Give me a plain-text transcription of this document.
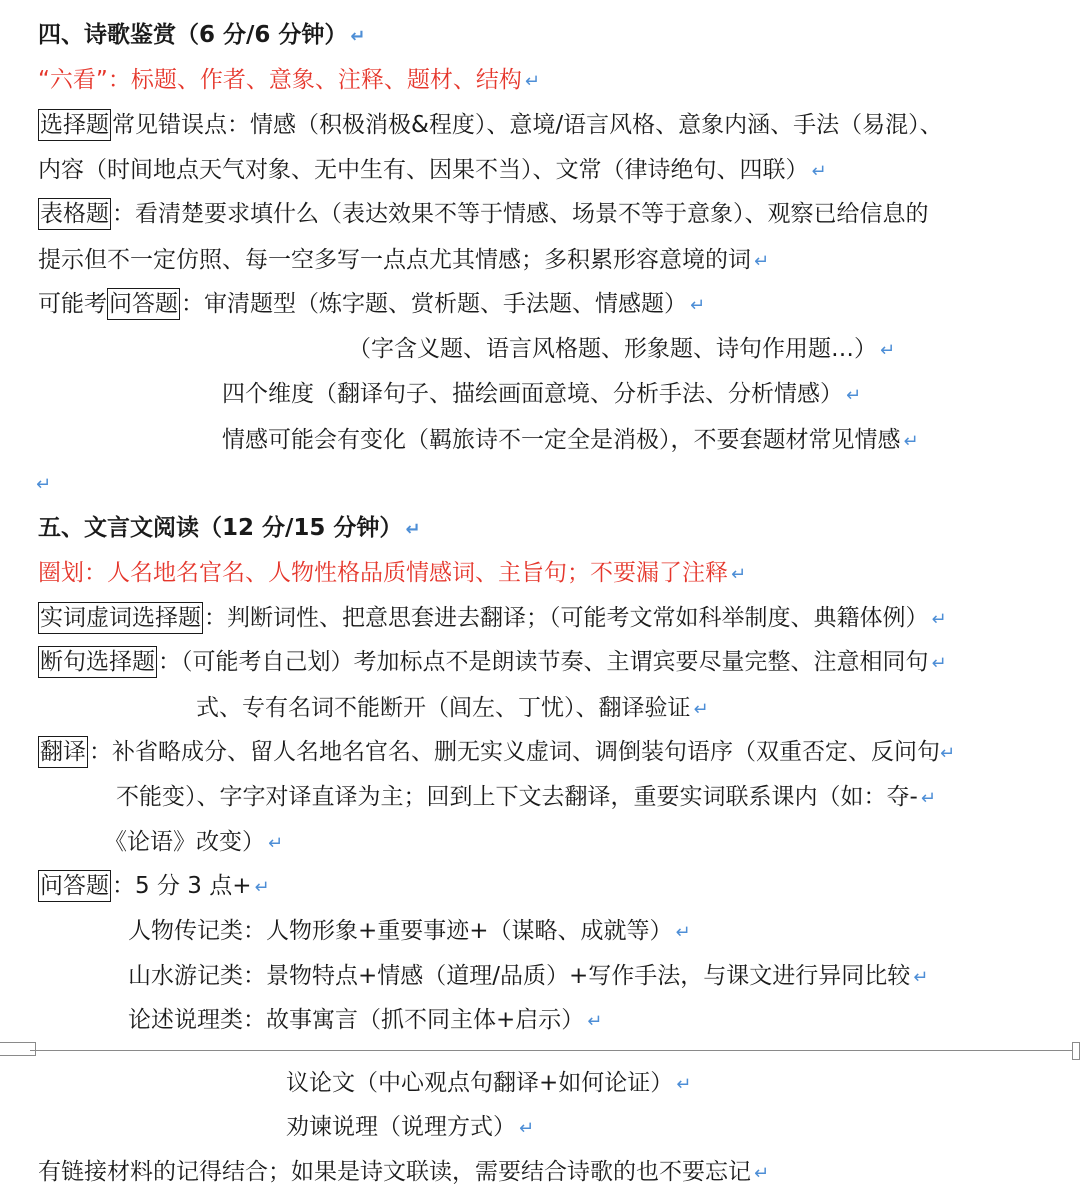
四、诗歌鉴赏（6 分/6 分钟）↵
“六看”：标题、作者、意象、注释、题材、结构↵
选择题 常见错误点：情感（积极消极&程度）、意境/语言风格、意象内涵、手法（易混）、
内容（时间地点天气对象、无中生有、因果不当）、文常（律诗绝句、四联）↵
表格题 ：看清楚要求填什么（表达效果不等于情感、场景不等于意象）、观察已给信息的
提示但不一定仿照、每一空多写一点点尤其情感；多积累形容意境的词↵
可能考问答题 ：审清题型（炼字题、赏析题、手法题、情感题）↵
（字含义题、语言风格题、形象题、诗句作用题…）↵
四个维度（翻译句子、描绘画面意境、分析手法、分析情感）↵
情感可能会有变化（羁旅诗不一定全是消极），不要套题材常见情感↵
↵
五、文言文阅读（12 分/15 分钟）↵
圈划：人名地名官名、人物性格品质情感词、主旨句；不要漏了注释↵
实词虚词选择题 ：判断词性、把意思套进去翻译；（可能考文常如科举制度、典籍体例）↵
断句选择题 ：（可能考自己划）考加标点不是朗读节奏、主谓宾要尽量完整、注意相同句↵
式、专有名词不能断开（闾左、丁忧）、翻译验证↵
翻译 ：补省略成分、留人名地名官名、删无实义虚词、调倒装句语序（双重否定、反问句↵
不能变）、字字对译直译为主；回到上下文去翻译，重要实词联系课内（如：夺-↵
《论语》改变）↵
问答题 ：5 分 3 点+↵
人物传记类：人物形象+重要事迹+（谋略、成就等）↵
山水游记类：景物特点+情感（道理/品质）+写作手法，与课文进行异同比较↵
论述说理类：故事寓言（抓不同主体+启示）↵
议论文（中心观点句翻译+如何论证）↵
劝谏说理（说理方式）↵
有链接材料的记得结合；如果是诗文联读，需要结合诗歌的也不要忘记↵
